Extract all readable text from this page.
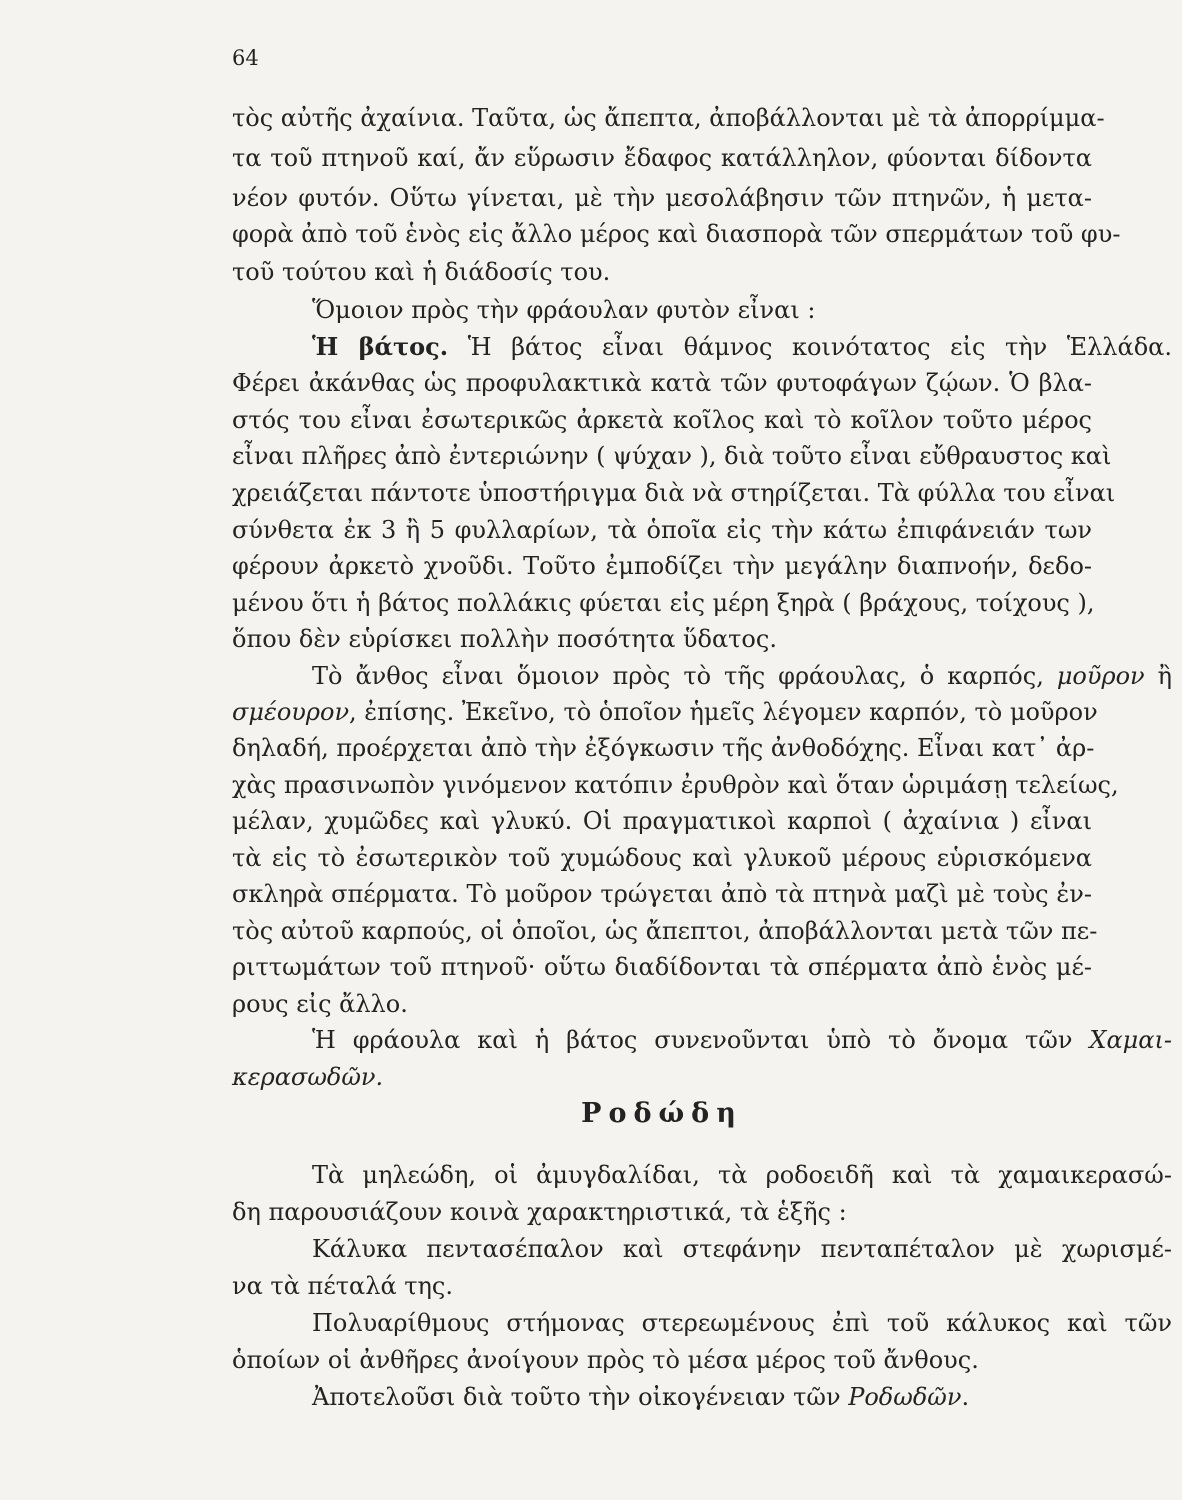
64
τὸς αὐτῆς ἀχαίνια. Ταῦτα, ὡς ἄπεπτα, ἀποβάλλονται μὲ τὰ ἀπορρίμμα-
τα τοῦ πτηνοῦ καί, ἄν εὕρωσιν ἔδαφος κατάλληλον, φύονται δίδοντα
νέον φυτόν. Οὕτω γίνεται, μὲ τὴν μεσολάβησιν τῶν πτηνῶν, ἡ μετα-
φορὰ ἀπὸ τοῦ ἑνὸς εἰς ἄλλο μέρος καὶ διασπορὰ τῶν σπερμάτων τοῦ φυ-
τοῦ τούτου καὶ ἡ διάδοσίς του.
Ὅμοιον πρὸς τὴν φράουλαν φυτὸν εἶναι :
Ἡ βάτος. Ἡ βάτος εἶναι θάμνος κοινότατος εἰς τὴν Ἑλλάδα.
Φέρει ἀκάνθας ὡς προφυλακτικὰ κατὰ τῶν φυτοφάγων ζῴων. Ὁ βλα-
στός του εἶναι ἐσωτερικῶς ἀρκετὰ κοῖλος καὶ τὸ κοῖλον τοῦτο μέρος
εἶναι πλῆρες ἀπὸ ἐντεριώνην ( ψύχαν ), διὰ τοῦτο εἶναι εὔθραυστος καὶ
χρειάζεται πάντοτε ὑποστήριγμα διὰ νὰ στηρίζεται. Τὰ φύλλα του εἶναι
σύνθετα ἐκ 3 ἢ 5 φυλλαρίων, τὰ ὁποῖα εἰς τὴν κάτω ἐπιφάνειάν των
φέρουν ἀρκετὸ χνοῦδι. Τοῦτο ἐμποδίζει τὴν μεγάλην διαπνοήν, δεδο-
μένου ὅτι ἡ βάτος πολλάκις φύεται εἰς μέρη ξηρὰ ( βράχους, τοίχους ),
ὅπου δὲν εὑρίσκει πολλὴν ποσότητα ὕδατος.
Τὸ ἄνθος εἶναι ὅμοιον πρὸς τὸ τῆς φράουλας, ὁ καρπός, μοῦρον ἢ
σμέουρον, ἐπίσης. Ἐκεῖνο, τὸ ὁποῖον ἡμεῖς λέγομεν καρπόν, τὸ μοῦρον
δηλαδή, προέρχεται ἀπὸ τὴν ἐξόγκωσιν τῆς ἀνθοδόχης. Εἶναι κατ᾽ ἀρ-
χὰς πρασινωπὸν γινόμενον κατόπιν ἐρυθρὸν καὶ ὅταν ὡριμάσῃ τελείως,
μέλαν, χυμῶδες καὶ γλυκύ. Οἱ πραγματικοὶ καρποὶ ( ἀχαίνια ) εἶναι
τὰ εἰς τὸ ἐσωτερικὸν τοῦ χυμώδους καὶ γλυκοῦ μέρους εὑρισκόμενα
σκληρὰ σπέρματα. Τὸ μοῦρον τρώγεται ἀπὸ τὰ πτηνὰ μαζὶ μὲ τοὺς ἐν-
τὸς αὐτοῦ καρπούς, οἱ ὁποῖοι, ὡς ἄπεπτοι, ἀποβάλλονται μετὰ τῶν πε-
ριττωμάτων τοῦ πτηνοῦ· οὕτω διαδίδονται τὰ σπέρματα ἀπὸ ἑνὸς μέ-
ρους εἰς ἄλλο.
Ἡ φράουλα καὶ ἡ βάτος συνενοῦνται ὑπὸ τὸ ὄνομα τῶν Χαμαι-
κερασωδῶν.
Ροδώδη
Τὰ μηλεώδη, οἱ ἀμυγδαλίδαι, τὰ ροδοειδῆ καὶ τὰ χαμαικερασώ-
δη παρουσιάζουν κοινὰ χαρακτηριστικά, τὰ ἑξῆς :
Κάλυκα πεντασέπαλον καὶ στεφάνην πενταπέταλον μὲ χωρισμέ-
να τὰ πέταλά της.
Πολυαρίθμους στήμονας στερεωμένους ἐπὶ τοῦ κάλυκος καὶ τῶν
ὁποίων οἱ ἀνθῆρες ἀνοίγουν πρὸς τὸ μέσα μέρος τοῦ ἄνθους.
Ἀποτελοῦσι διὰ τοῦτο τὴν οἰκογένειαν τῶν Ροδωδῶν.
